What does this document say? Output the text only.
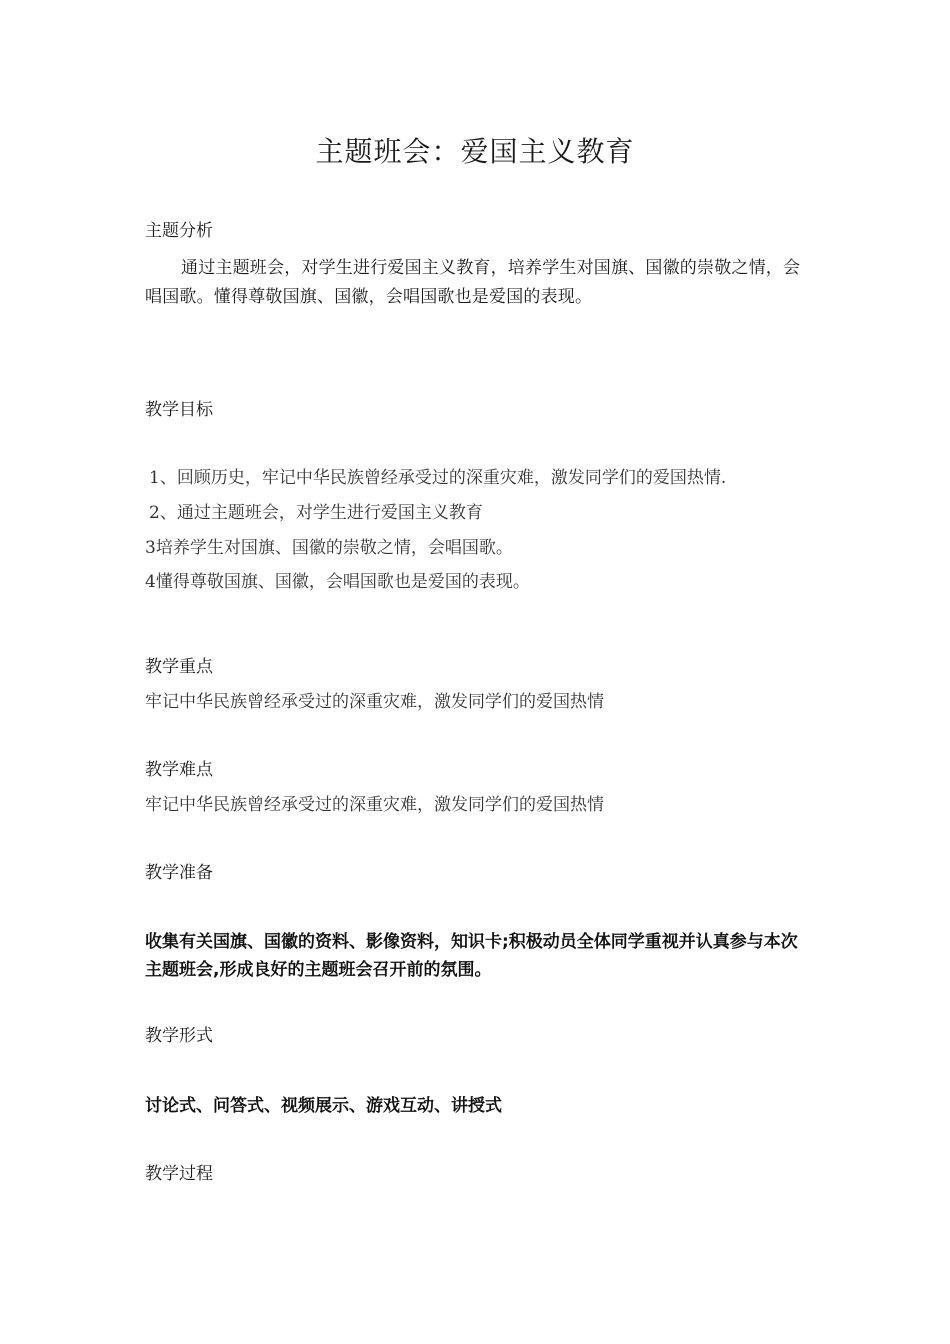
主题班会：爱国主义教育
主题分析
通过主题班会，对学生进行爱国主义教育，培养学生对国旗、国徽的崇敬之情，会唱国歌。懂得尊敬国旗、国徽，会唱国歌也是爱国的表现。
教学目标
1、回顾历史，牢记中华民族曾经承受过的深重灾难，激发同学们的爱国热情.
2、通过主题班会，对学生进行爱国主义教育
3培养学生对国旗、国徽的崇敬之情，会唱国歌。
4懂得尊敬国旗、国徽，会唱国歌也是爱国的表现。
教学重点
牢记中华民族曾经承受过的深重灾难，激发同学们的爱国热情
教学难点
牢记中华民族曾经承受过的深重灾难，激发同学们的爱国热情
教学准备
收集有关国旗、国徽的资料、影像资料，知识卡;积极动员全体同学重视并认真参与本次主题班会,形成良好的主题班会召开前的氛围。
教学形式
讨论式、问答式、视频展示、游戏互动、讲授式
教学过程
